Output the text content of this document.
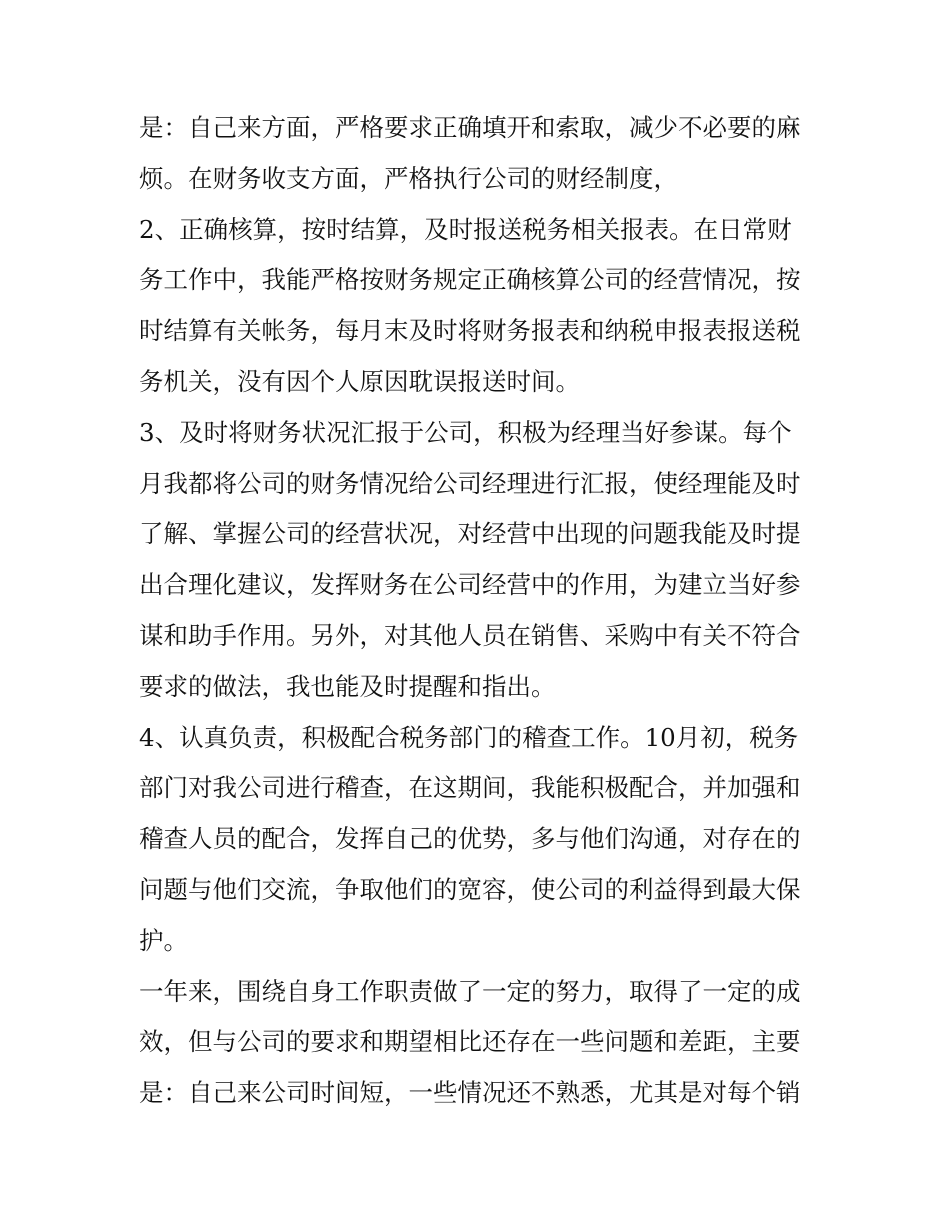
是：自己来方面，严格要求正确填开和索取，减少不必要的麻
烦。在财务收支方面，严格执行公司的财经制度，
2、正确核算，按时结算，及时报送税务相关报表。在日常财
务工作中，我能严格按财务规定正确核算公司的经营情况，按
时结算有关帐务，每月末及时将财务报表和纳税申报表报送税
务机关，没有因个人原因耽误报送时间。
3、及时将财务状况汇报于公司，积极为经理当好参谋。每个
月我都将公司的财务情况给公司经理进行汇报，使经理能及时
了解、掌握公司的经营状况，对经营中出现的问题我能及时提
出合理化建议，发挥财务在公司经营中的作用，为建立当好参
谋和助手作用。另外，对其他人员在销售、采购中有关不符合
要求的做法，我也能及时提醒和指出。
4、认真负责，积极配合税务部门的稽查工作。10月初，税务
部门对我公司进行稽查，在这期间，我能积极配合，并加强和
稽查人员的配合，发挥自己的优势，多与他们沟通，对存在的
问题与他们交流，争取他们的宽容，使公司的利益得到最大保
护。
一年来，围绕自身工作职责做了一定的努力，取得了一定的成
效，但与公司的要求和期望相比还存在一些问题和差距，主要
是：自己来公司时间短，一些情况还不熟悉，尤其是对每个销
